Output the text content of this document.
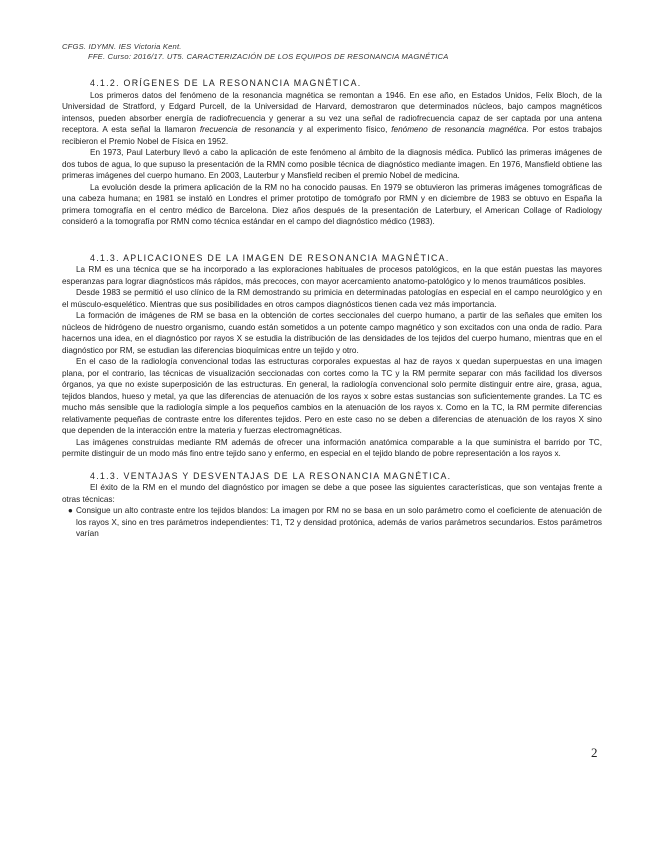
CFGS. IDYMN. IES Victoria Kent.
FFE. Curso: 2016/17. UT5. CARACTERIZACIÓN DE LOS EQUIPOS DE RESONANCIA MAGNÉTICA
4.1.2. ORÍGENES DE LA RESONANCIA MAGNÉTICA.

Los primeros datos del fenómeno de la resonancia magnética se remontan a 1946. En ese año, en Estados Unidos, Felix Bloch, de la Universidad de Stratford, y Edgard Purcell, de la Universidad de Harvard, demostraron que determinados núcleos, bajo campos magnéticos intensos, pueden absorber energía de radiofrecuencia y generar a su vez una señal de radiofrecuencia capaz de ser captada por una antena receptora. A esta señal la llamaron frecuencia de resonancia y al experimento físico, fenómeno de resonancia magnética. Por estos trabajos recibieron el Premio Nobel de Física en 1952.

En 1973, Paul Laterbury llevó a cabo la aplicación de este fenómeno al ámbito de la diagnosis médica. Publicó las primeras imágenes de dos tubos de agua, lo que supuso la presentación de la RMN como posible técnica de diagnóstico mediante imagen. En 1976, Mansfield obtiene las primeras imágenes del cuerpo humano. En 2003, Lauterbur y Mansfield reciben el premio Nobel de medicina.

La evolución desde la primera aplicación de la RM no ha conocido pausas. En 1979 se obtuvieron las primeras imágenes tomográficas de una cabeza humana; en 1981 se instaló en Londres el primer prototipo de tomógrafo por RMN y en diciembre de 1983 se obtuvo en España la primera tomografía en el centro médico de Barcelona. Diez años después de la presentación de Laterbury, el American Collage of Radiology consideró a la tomografía por RMN como técnica estándar en el campo del diagnóstico médico (1983).

4.1.3. APLICACIONES DE LA IMAGEN DE RESONANCIA MAGNÉTICA.

La RM es una técnica que se ha incorporado a las exploraciones habituales de procesos patológicos, en la que están puestas las mayores esperanzas para lograr diagnósticos más rápidos, más precoces, con mayor acercamiento anatomo-patológico y lo menos traumáticos posibles.

Desde 1983 se permitió el uso clínico de la RM demostrando su primicia en determinadas patologías en especial en el campo neurológico y en el músculo-esquelético. Mientras que sus posibilidades en otros campos diagnósticos tienen cada vez más importancia.

La formación de imágenes de RM se basa en la obtención de cortes seccionales del cuerpo humano, a partir de las señales que emiten los núcleos de hidrógeno de nuestro organismo, cuando están sometidos a un potente campo magnético y son excitados con una onda de radio. Para hacernos una idea, en el diagnóstico por rayos X se estudia la distribución de las densidades de los tejidos del cuerpo humano, mientras que en el diagnóstico por RM, se estudian las diferencias bioquímicas entre un tejido y otro.

En el caso de la radiología convencional todas las estructuras corporales expuestas al haz de rayos x quedan superpuestas en una imagen plana, por el contrario, las técnicas de visualización seccionadas con cortes como la TC y la RM permite separar con más facilidad los diversos órganos, ya que no existe superposición de las estructuras. En general, la radiología convencional solo permite distinguir entre aire, grasa, agua, tejidos blandos, hueso y metal, ya que las diferencias de atenuación de los rayos x sobre estas sustancias son suficientemente grandes. La TC es mucho más sensible que la radiología simple a los pequeños cambios en la atenuación de los rayos x. Como en la TC, la RM permite diferencias relativamente pequeñas de contraste entre los diferentes tejidos. Pero en este caso no se deben a diferencias de atenuación de los rayos X sino que dependen de la interacción entre la materia y fuerzas electromagnéticas.

Las imágenes construidas mediante RM además de ofrecer una información anatómica comparable a la que suministra el barrido por TC, permite distinguir de un modo más fino entre tejido sano y enfermo, en especial en el tejido blando de pobre representación a los rayos x.

4.1.3. VENTAJAS Y DESVENTAJAS DE LA RESONANCIA MAGNÉTICA.

El éxito de la RM en el mundo del diagnóstico por imagen se debe a que posee las siguientes características, que son ventajas frente a otras técnicas:

● Consigue un alto contraste entre los tejidos blandos: La imagen por RM no se basa en un solo parámetro como el coeficiente de atenuación de los rayos X, sino en tres parámetros independientes: T1, T2 y densidad protónica, además de varios parámetros secundarios. Estos parámetros varían
2
